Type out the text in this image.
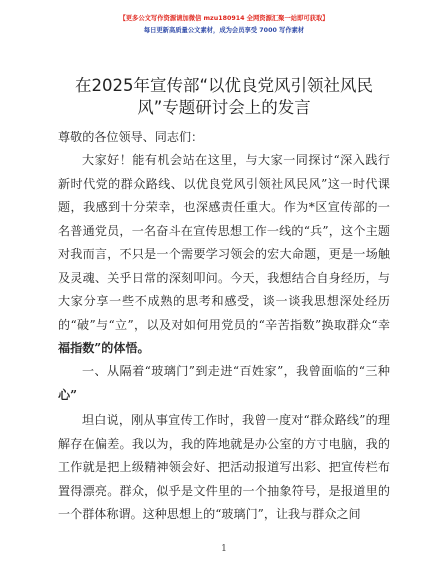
【更多公文写作资源请加微信 mzu180914 全网资源汇聚一站即可获取】
每日更新高质量公文素材，成为会员享受 7000 写作素材
在2025年宣传部“以优良党风引领社风民风”专题研讨会上的发言
尊敬的各位领导、同志们：
大家好！能有机会站在这里，与大家一同探讨“深入践行新时代党的群众路线、以优良党风引领社风民风”这一时代课题，我感到十分荣幸，也深感责任重大。作为*区宣传部的一名普通党员，一名奋斗在宣传思想工作一线的“兵”，这个主题对我而言，不只是一个需要学习领会的宏大命题，更是一场触及灵魂、关乎日常的深刻叩问。今天，我想结合自身经历，与大家分享一些不成熟的思考和感受，谈一谈我思想深处经历的“破”与“立”，以及对如何用党员的“辛苦指数”换取群众“幸福指数”的体悟。
一、从隔着“玻璃门”到走进“百姓家”，我曾面临的“三种心”
坦白说，刚从事宣传工作时，我曾一度对“群众路线”的理解存在偏差。我以为，我的阵地就是办公室的方寸电脑，我的工作就是把上级精神领会好、把活动报道写出彩、把宣传栏布置得漂亮。群众，似乎是文件里的一个抽象符号，是报道里的一个群体称谓。这种思想上的“玻璃门”，让我与群众之间
1
